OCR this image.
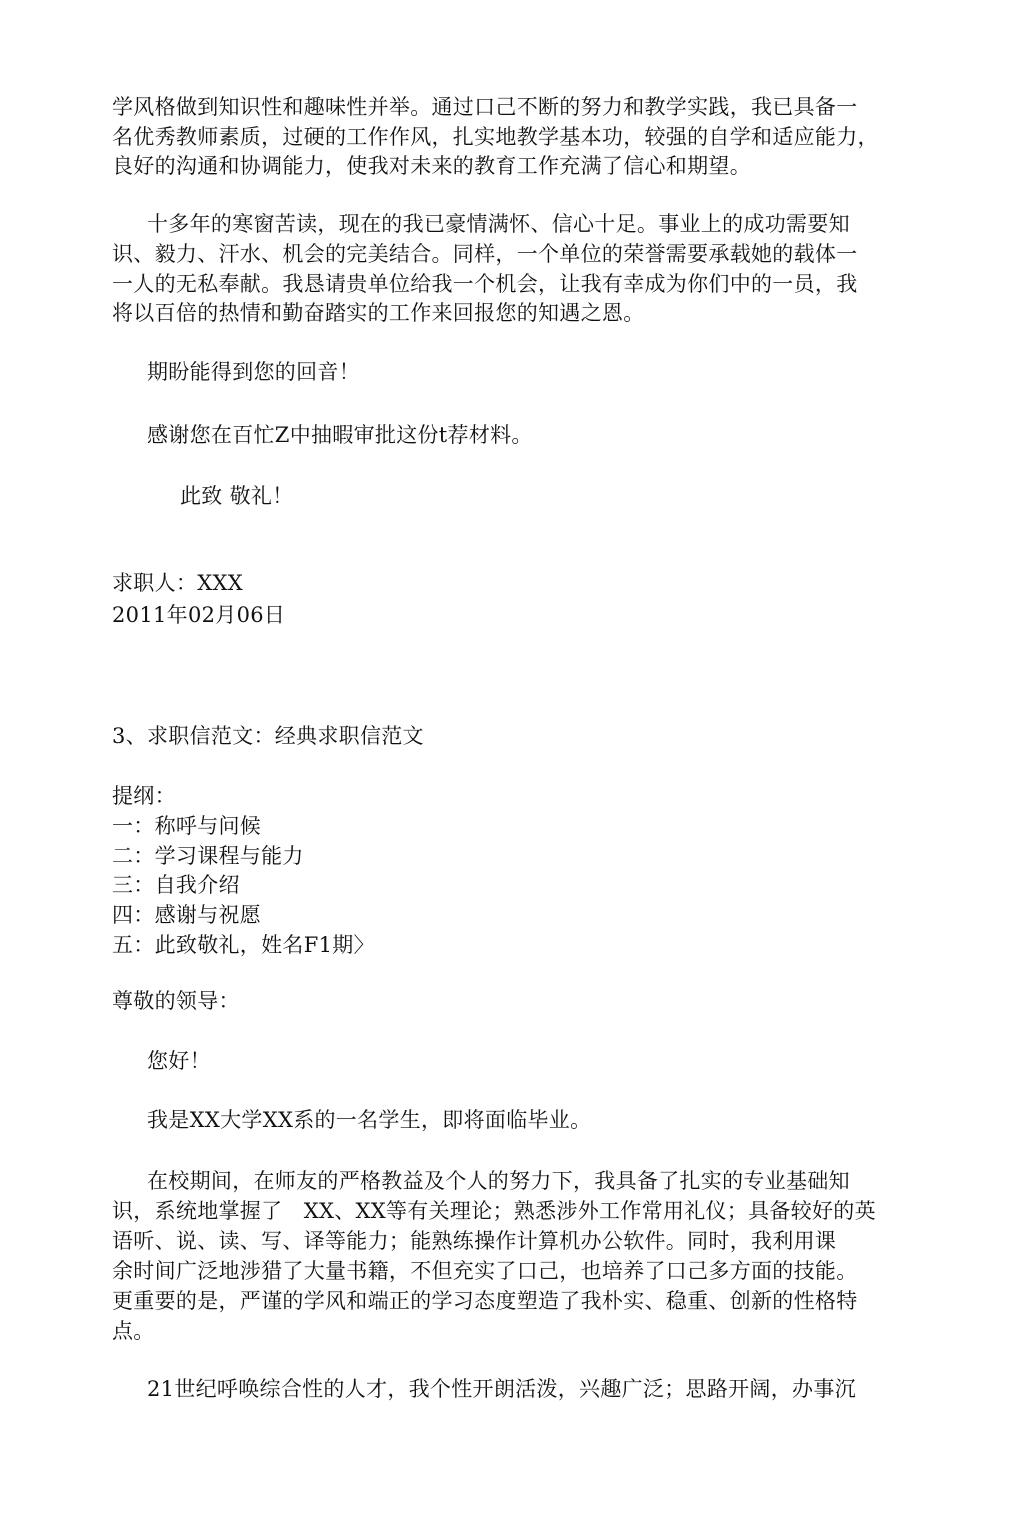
学风格做到知识性和趣味性并举。通过口己不断的努力和教学实践，我已具备一
名优秀教师素质，过硬的工作作风，扎实地教学基本功，较强的自学和适应能力，
良好的沟通和协调能力，使我对未来的教育工作充满了信心和期望。
十多年的寒窗苦读，现在的我已豪情满怀、信心十足。事业上的成功需要知
识、毅力、汗水、机会的完美结合。同样，一个单位的荣誉需要承载她的载体一
一人的无私奉献。我恳请贵单位给我一个机会，让我有幸成为你们中的一员，我
将以百倍的热情和勤奋踏实的工作来回报您的知遇之恩。
期盼能得到您的回音！
感谢您在百忙Z中抽暇审批这份t荐材料。
此致 敬礼！
求职人：XXX
2011年02月06日
3、求职信范文：经典求职信范文
提纲：
一：称呼与问候
二：学习课程与能力
三：自我介绍
四：感谢与祝愿
五：此致敬礼，姓名F1期〉
尊敬的领导：
您好！
我是XX大学XX系的一名学生，即将面临毕业。
在校期间，在师友的严格教益及个人的努力下，我具备了扎实的专业基础知
识，系统地掌握了　XX、XX等有关理论；熟悉涉外工作常用礼仪；具备较好的英
语听、说、读、写、译等能力；能熟练操作计算机办公软件。同时，我利用课
余时间广泛地涉猎了大量书籍，不但充实了口己，也培养了口己多方面的技能。
更重要的是，严谨的学风和端正的学习态度塑造了我朴实、稳重、创新的性格特
点。
21世纪呼唤综合性的人才，我个性开朗活泼，兴趣广泛；思路开阔，办事沉
